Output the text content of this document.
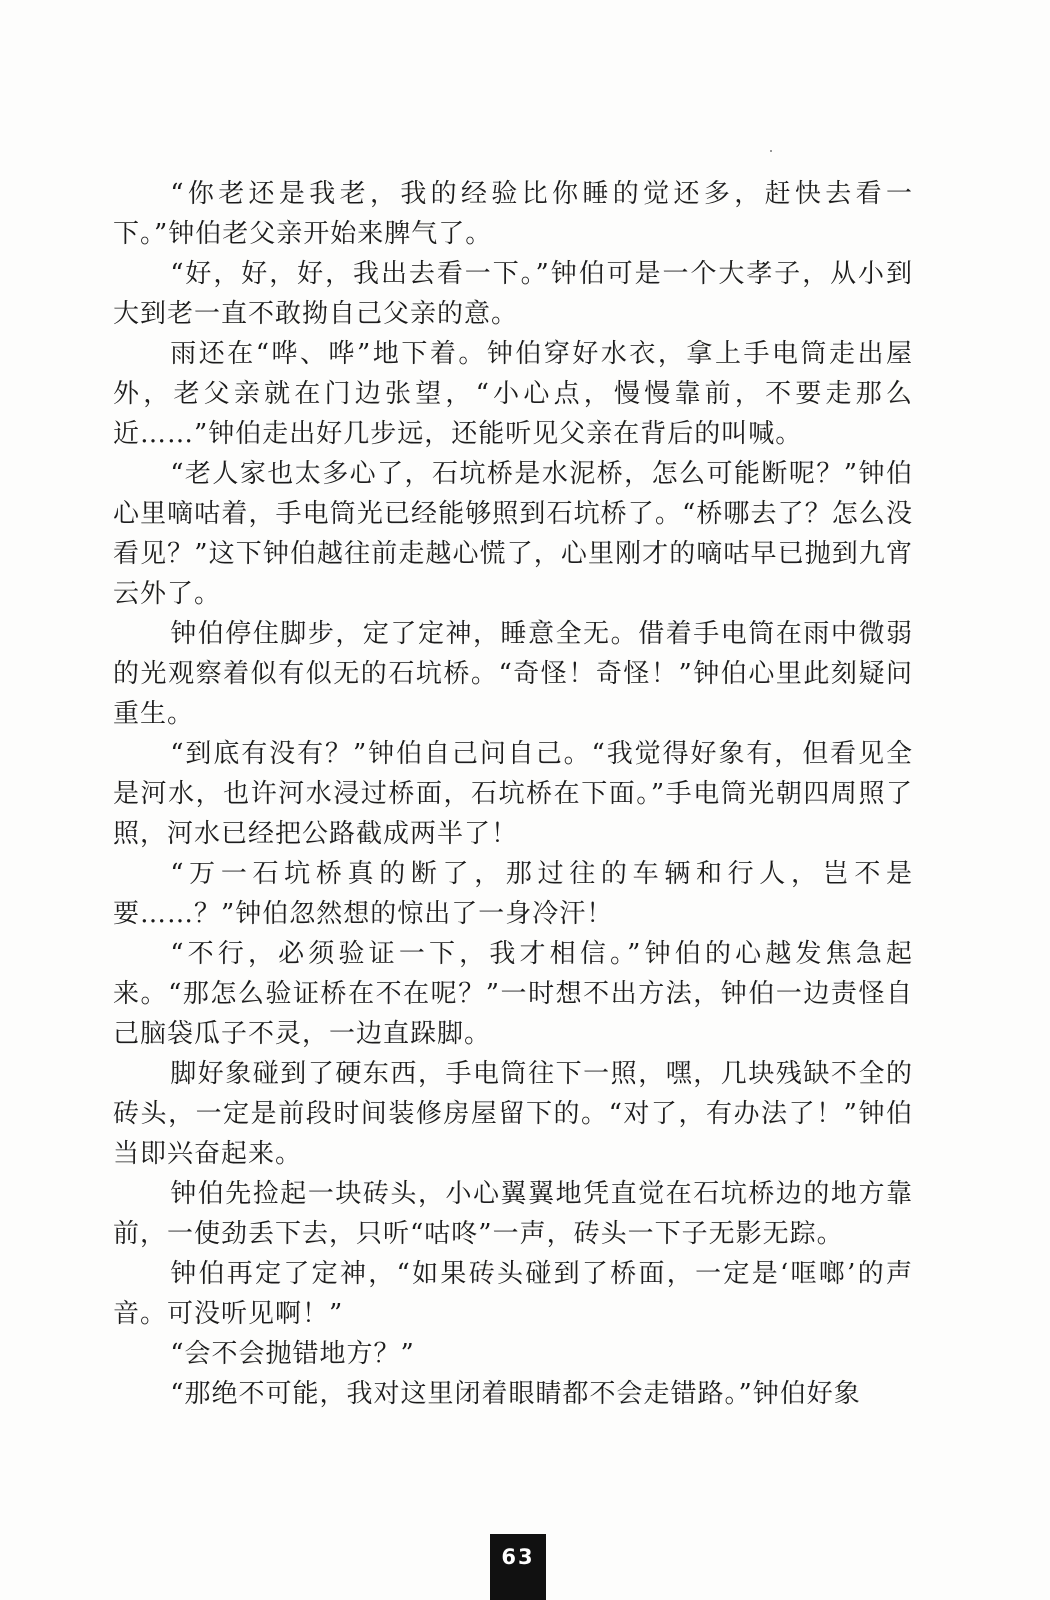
“你老还是我老，我的经验比你睡的觉还多，赶快去看一下。”钟伯老父亲开始来脾气了。

“好，好，好，我出去看一下。”钟伯可是一个大孝子，从小到大到老一直不敢拗自己父亲的意。

雨还在“哗、哗”地下着。钟伯穿好水衣，拿上手电筒走出屋外，老父亲就在门边张望，“小心点，慢慢靠前，不要走那么近……”钟伯走出好几步远，还能听见父亲在背后的叫喊。

“老人家也太多心了，石坑桥是水泥桥，怎么可能断呢？”钟伯心里嘀咕着，手电筒光已经能够照到石坑桥了。“桥哪去了？怎么没看见？”这下钟伯越往前走越心慌了，心里刚才的嘀咕早已抛到九宵云外了。

钟伯停住脚步，定了定神，睡意全无。借着手电筒在雨中微弱的光观察着似有似无的石坑桥。“奇怪！奇怪！”钟伯心里此刻疑问重生。

“到底有没有？”钟伯自己问自己。“我觉得好象有，但看见全是河水，也许河水浸过桥面，石坑桥在下面。”手电筒光朝四周照了照，河水已经把公路截成两半了！

“万一石坑桥真的断了，那过往的车辆和行人，岂不是要……？”钟伯忽然想的惊出了一身冷汗！

“不行，必须验证一下，我才相信。”钟伯的心越发焦急起来。“那怎么验证桥在不在呢？”一时想不出方法，钟伯一边责怪自己脑袋瓜子不灵，一边直跺脚。

脚好象碰到了硬东西，手电筒往下一照，嘿，几块残缺不全的砖头，一定是前段时间装修房屋留下的。“对了，有办法了！”钟伯当即兴奋起来。

钟伯先捡起一块砖头，小心翼翼地凭直觉在石坑桥边的地方靠前，一使劲丢下去，只听“咕咚”一声，砖头一下子无影无踪。

钟伯再定了定神，“如果砖头碰到了桥面，一定是‘哐啷’的声音。可没听见啊！”

“会不会抛错地方？”

“那绝不可能，我对这里闭着眼睛都不会走错路。”钟伯好象

63
